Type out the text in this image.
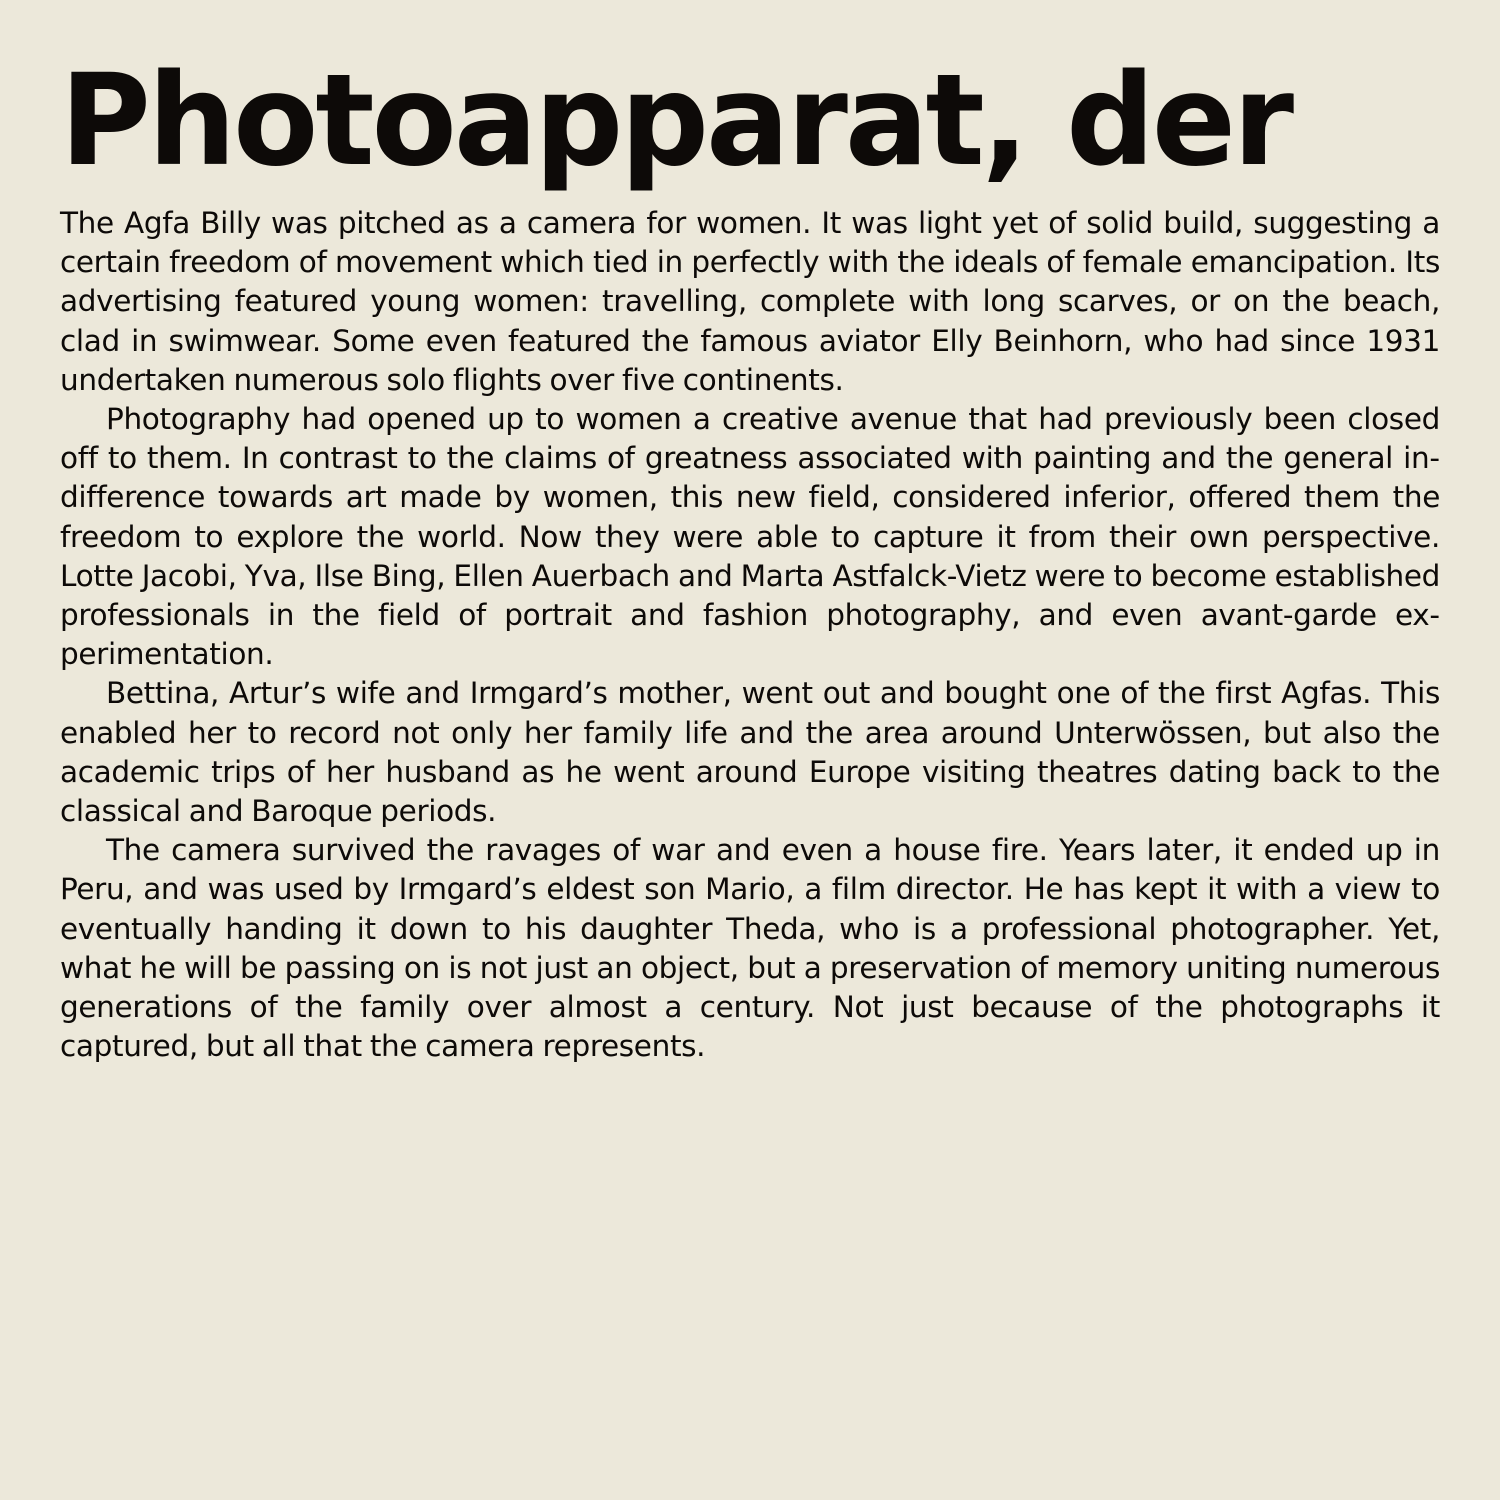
Photoapparat, der

The Agfa Billy was pitched as a camera for women. It was light yet of solid build, suggesting a certain freedom of movement which tied in perfectly with the ideals of female emancipation. Its advertising featured young women: travelling, complete with long scarves, or on the beach, clad in swimwear. Some even featured the famous aviator Elly Beinhorn, who had since 1931 undertaken numerous solo flights over five continents.

Photography had opened up to women a creative avenue that had previously been closed off to them. In contrast to the claims of greatness associated with painting and the general indifference towards art made by women, this new field, considered inferior, offered them the freedom to explore the world. Now they were able to capture it from their own perspective. Lotte Jacobi, Yva, Ilse Bing, Ellen Auerbach and Marta Astfalck-Vietz were to become established professionals in the field of portrait and fashion photography, and even avant-garde experimentation.

Bettina, Artur’s wife and Irmgard’s mother, went out and bought one of the first Agfas. This enabled her to record not only her family life and the area around Unterwössen, but also the academic trips of her husband as he went around Europe visiting theatres dating back to the classical and Baroque periods.

The camera survived the ravages of war and even a house fire. Years later, it ended up in Peru, and was used by Irmgard’s eldest son Mario, a film director. He has kept it with a view to eventually handing it down to his daughter Theda, who is a professional photographer. Yet, what he will be passing on is not just an object, but a preservation of memory uniting numerous generations of the family over almost a century. Not just because of the photographs it captured, but all that the camera represents.
